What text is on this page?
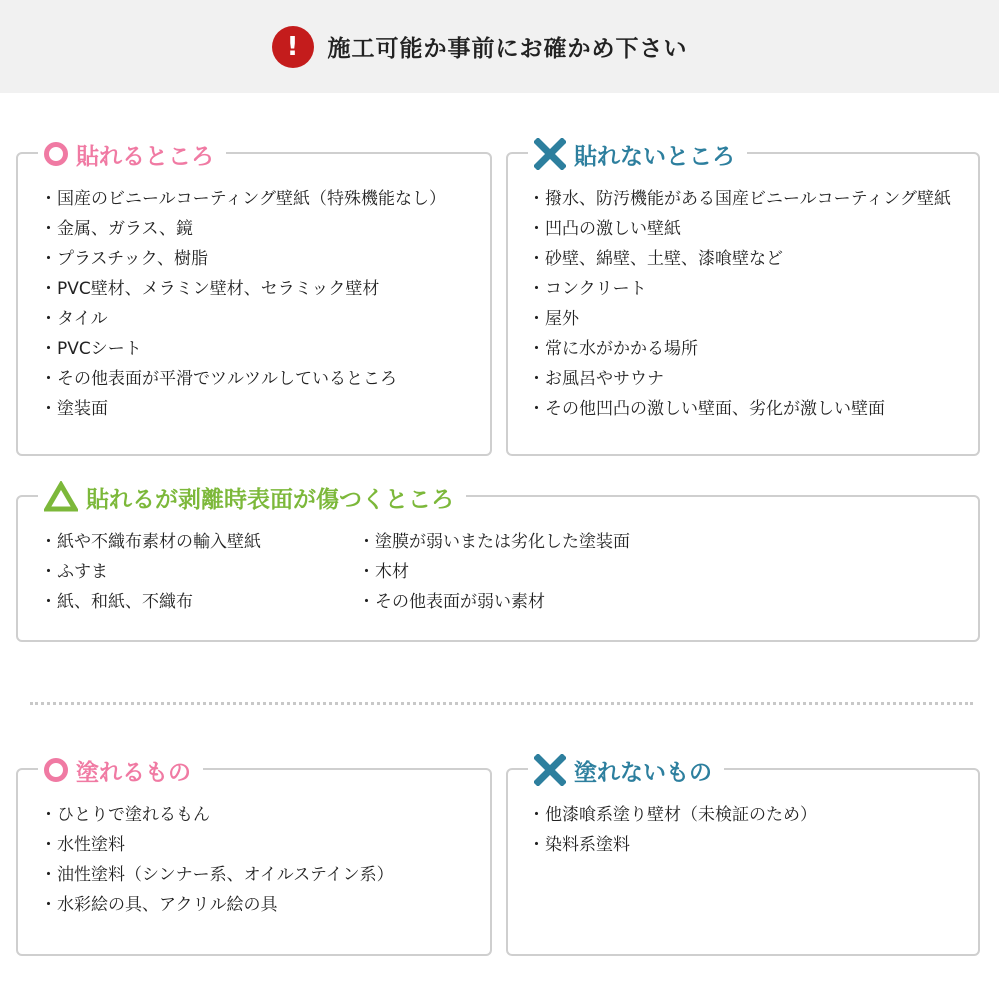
!	施工可能か事前にお確かめ下さい
貼れるところ
・ 国産のビニールコーティング壁紙（特殊機能なし）
・ 金属、ガラス、鏡
・ プラスチック、樹脂
・ PVC壁材、メラミン壁材、セラミック壁材
・ タイル
・ PVCシート
・ その他表面が平滑でツルツルしているところ
・ 塗装面
貼れないところ
・ 撥水、防汚機能がある国産ビニールコーティング壁紙
・ 凹凸の激しい壁紙
・ 砂壁、綿壁、土壁、漆喰壁など
・ コンクリート
・ 屋外
・ 常に水がかかる場所
・ お風呂やサウナ
・ その他凹凸の激しい壁面、劣化が激しい壁面
貼れるが剥離時表面が傷つくところ
・ 紙や不織布素材の輸入壁紙
・ ふすま
・ 紙、和紙、不織布
・ 塗膜が弱いまたは劣化した塗装面
・ 木材
・ その他表面が弱い素材
塗れるもの
・ ひとりで塗れるもん
・ 水性塗料
・ 油性塗料（シンナー系、オイルステイン系）
・ 水彩絵の具、アクリル絵の具
塗れないもの
・ 他漆喰系塗り壁材（未検証のため）
・ 染料系塗料
